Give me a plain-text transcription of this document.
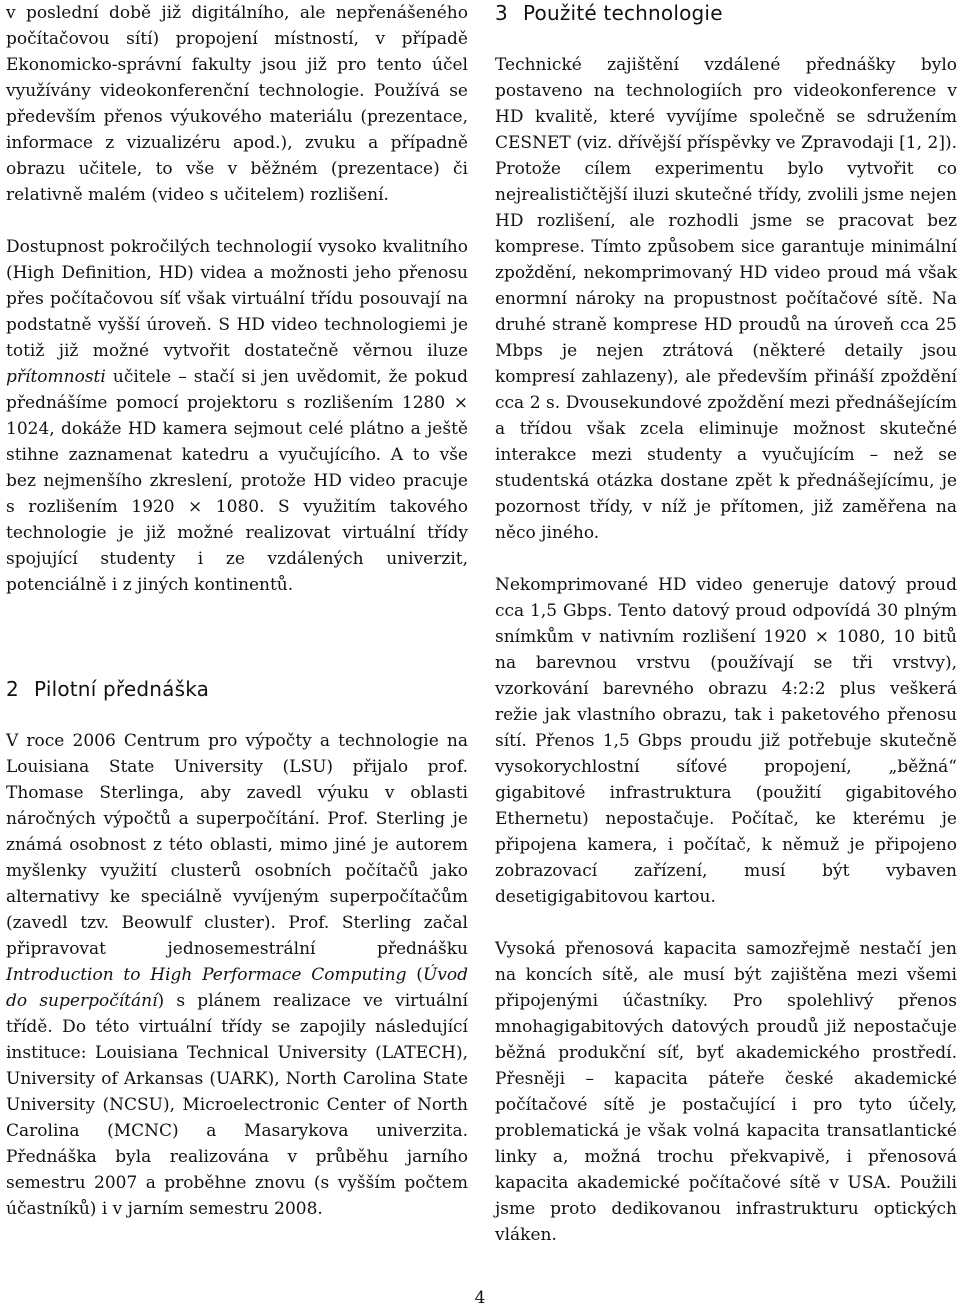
v poslední době již digitálního, ale nepřenášeného počítačovou sítí) propojení místností, v případě Ekonomicko-správní fakulty jsou již pro tento účel využívány videokonferenční technologie. Používá se především přenos výukového materiálu (prezentace, informace z vizualizéru apod.), zvuku a případně obrazu učitele, to vše v běžném (prezentace) či relativně malém (video s učitelem) rozlišení.

Dostupnost pokročilých technologií vysoko kvalitního (High Definition, HD) videa a možnosti jeho přenosu přes počítačovou síť však virtuální třídu posouvají na podstatně vyšší úroveň. S HD video technologiemi je totiž již možné vytvořit dostatečně věrnou iluze přítomnosti učitele – stačí si jen uvědomit, že pokud přednášíme pomocí projektoru s rozlišením 1280 × 1024, dokáže HD kamera sejmout celé plátno a ještě stihne zaznamenat katedru a vyučujícího. A to vše bez nejmenšího zkreslení, protože HD video pracuje s rozlišením 1920 × 1080. S využitím takového technologie je již možné realizovat virtuální třídy spojující studenty i ze vzdálených univerzit, potenciálně i z jiných kontinentů.

2 Pilotní přednáška

V roce 2006 Centrum pro výpočty a technologie na Louisiana State University (LSU) přijalo prof. Thomase Sterlinga, aby zavedl výuku v oblasti náročných výpočtů a superpočítání. Prof. Sterling je známá osobnost z této oblasti, mimo jiné je autorem myšlenky využití clusterů osobních počítačů jako alternativy ke speciálně vyvíjeným superpočítačům (zavedl tzv. Beowulf cluster). Prof. Sterling začal připravovat jednosemestrální přednášku Introduction to High Performace Computing (Úvod do superpočítání) s plánem realizace ve virtuální třídě. Do této virtuální třídy se zapojily následující instituce: Louisiana Technical University (LATECH), University of Arkansas (UARK), North Carolina State University (NCSU), Microelectronic Center of North Carolina (MCNC) a Masarykova univerzita. Přednáška byla realizována v průběhu jarního semestru 2007 a proběhne znovu (s vyšším počtem účastníků) i v jarním semestru 2008.

3 Použité technologie

Technické zajištění vzdálené přednášky bylo postaveno na technologiích pro videokonference v HD kvalitě, které vyvíjíme společně se sdružením CESNET (viz. dřívější příspěvky ve Zpravodaji [1, 2]). Protože cílem experimentu bylo vytvořit co nejrealističtější iluzi skutečné třídy, zvolili jsme nejen HD rozlišení, ale rozhodli jsme se pracovat bez komprese. Tímto způsobem sice garantuje minimální zpoždění, nekomprimovaný HD video proud má však enormní nároky na propustnost počítačové sítě. Na druhé straně komprese HD proudů na úroveň cca 25 Mbps je nejen ztrátová (některé detaily jsou kompresí zahlazeny), ale především přináší zpoždění cca 2 s. Dvousekundové zpoždění mezi přednášejícím a třídou však zcela eliminuje možnost skutečné interakce mezi studenty a vyučujícím – než se studentská otázka dostane zpět k přednášejícímu, je pozornost třídy, v níž je přítomen, již zaměřena na něco jiného.

Nekomprimované HD video generuje datový proud cca 1,5 Gbps. Tento datový proud odpovídá 30 plným snímkům v nativním rozlišení 1920 × 1080, 10 bitů na barevnou vrstvu (používají se tři vrstvy), vzorkování barevného obrazu 4:2:2 plus veškerá režie jak vlastního obrazu, tak i paketového přenosu sítí. Přenos 1,5 Gbps proudu již potřebuje skutečně vysokorychlostní síťové propojení, „běžná“ gigabitové infrastruktura (použití gigabitového Ethernetu) nepostačuje. Počítač, ke kterému je připojena kamera, i počítač, k němuž je připojeno zobrazovací zařízení, musí být vybaven desetigigabitovou kartou.

Vysoká přenosová kapacita samozřejmě nestačí jen na koncích sítě, ale musí být zajištěna mezi všemi připojenými účastníky. Pro spolehlivý přenos mnohagigabitových datových proudů již nepostačuje běžná produkční síť, byť akademického prostředí. Přesněji – kapacita páteře české akademické počítačové sítě je postačující i pro tyto účely, problematická je však volná kapacita transatlantické linky a, možná trochu překvapivě, i přenosová kapacita akademické počítačové sítě v USA. Použili jsme proto dedikovanou infrastrukturu optických vláken.

4
